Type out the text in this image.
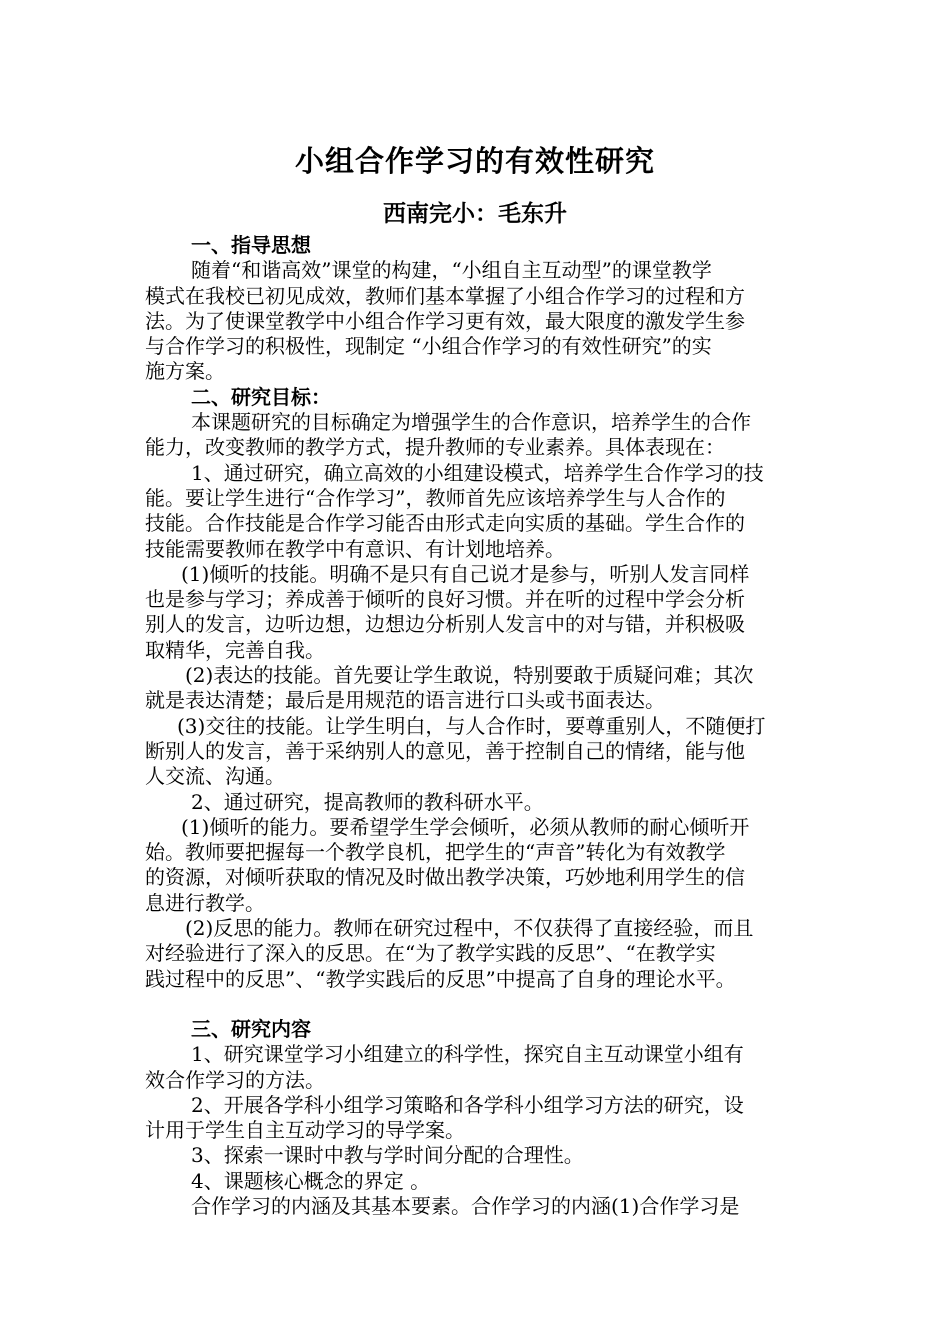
小组合作学习的有效性研究
西南完小：毛东升

一、指导思想

随着“和谐高效”课堂的构建，“小组自主互动型”的课堂教学

模式在我校已初见成效，教师们基本掌握了小组合作学习的过程和方

法。为了使课堂教学中小组合作学习更有效，最大限度的激发学生参

与合作学习的积极性，现制定 “小组合作学习的有效性研究”的实

施方案。

二、研究目标：

本课题研究的目标确定为增强学生的合作意识，培养学生的合作

能力，改变教师的教学方式，提升教师的专业素养。具体表现在：

1、通过研究，确立高效的小组建设模式，培养学生合作学习的技

能。要让学生进行“合作学习”，教师首先应该培养学生与人合作的

技能。合作技能是合作学习能否由形式走向实质的基础。学生合作的

技能需要教师在教学中有意识、有计划地培养。

(1)倾听的技能。明确不是只有自己说才是参与，听别人发言同样

也是参与学习；养成善于倾听的良好习惯。并在听的过程中学会分析

别人的发言，边听边想，边想边分析别人发言中的对与错，并积极吸

取精华，完善自我。

(2)表达的技能。首先要让学生敢说，特别要敢于质疑问难；其次

就是表达清楚；最后是用规范的语言进行口头或书面表达。

(3)交往的技能。让学生明白，与人合作时，要尊重别人，不随便打

断别人的发言，善于采纳别人的意见，善于控制自己的情绪，能与他

人交流、沟通。

2、通过研究，提高教师的教科研水平。

(1)倾听的能力。要希望学生学会倾听，必须从教师的耐心倾听开

始。教师要把握每一个教学良机，把学生的“声音”转化为有效教学

的资源，对倾听获取的情况及时做出教学决策，巧妙地利用学生的信

息进行教学。

(2)反思的能力。教师在研究过程中，不仅获得了直接经验，而且

对经验进行了深入的反思。在“为了教学实践的反思”、“在教学实

践过程中的反思”、“教学实践后的反思”中提高了自身的理论水平。

三、研究内容

1、研究课堂学习小组建立的科学性，探究自主互动课堂小组有

效合作学习的方法。

2、开展各学科小组学习策略和各学科小组学习方法的研究，设

计用于学生自主互动学习的导学案。

3、探索一课时中教与学时间分配的合理性。

4、课题核心概念的界定 。

合作学习的内涵及其基本要素。合作学习的内涵(1)合作学习是
